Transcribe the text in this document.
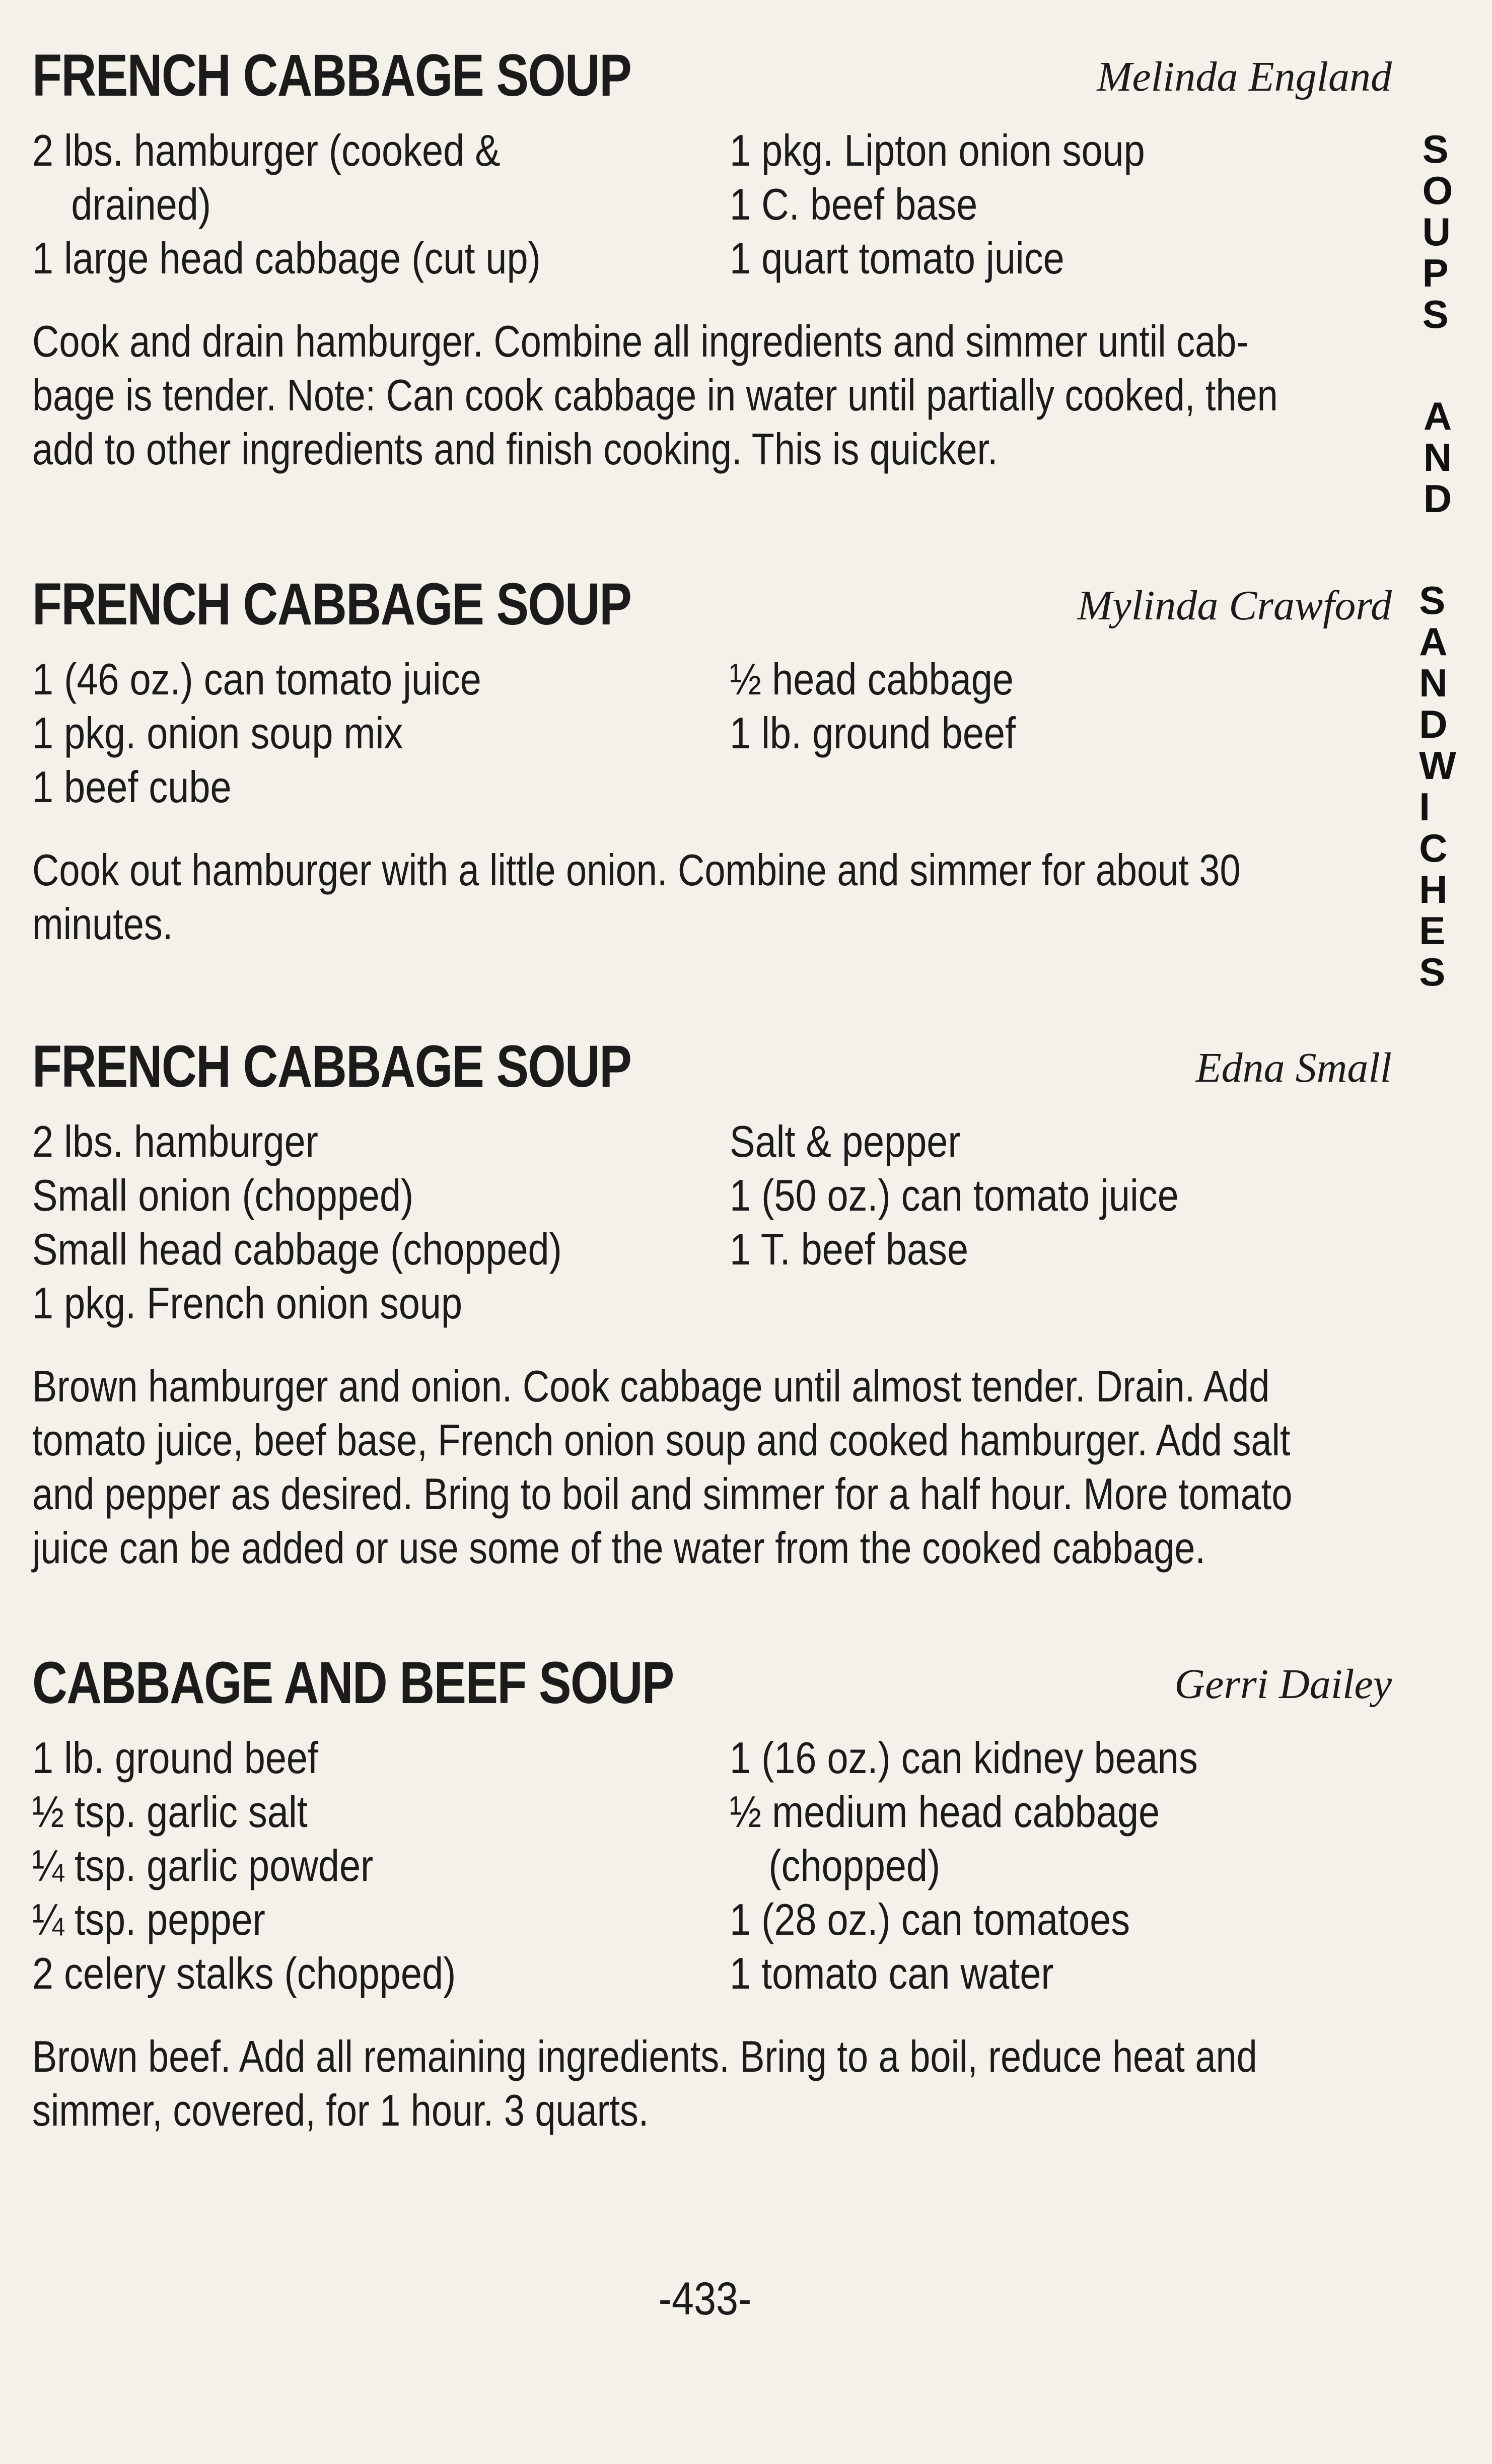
FRENCH CABBAGE SOUP	Melinda England
2 lbs. hamburger (cooked &
drained)
1 large head cabbage (cut up)
1 pkg. Lipton onion soup
1 C. beef base
1 quart tomato juice
Cook and drain hamburger. Combine all ingredients and simmer until cab-
bage is tender. Note: Can cook cabbage in water until partially cooked, then
add to other ingredients and finish cooking. This is quicker.
FRENCH CABBAGE SOUP	Mylinda Crawford
1 (46 oz.) can tomato juice
1 pkg. onion soup mix
1 beef cube
½ head cabbage
1 lb. ground beef
Cook out hamburger with a little onion. Combine and simmer for about 30
minutes.
FRENCH CABBAGE SOUP	Edna Small
2 lbs. hamburger
Small onion (chopped)
Small head cabbage (chopped)
1 pkg. French onion soup
Salt & pepper
1 (50 oz.) can tomato juice
1 T. beef base
Brown hamburger and onion. Cook cabbage until almost tender. Drain. Add
tomato juice, beef base, French onion soup and cooked hamburger. Add salt
and pepper as desired. Bring to boil and simmer for a half hour. More tomato
juice can be added or use some of the water from the cooked cabbage.
CABBAGE AND BEEF SOUP	Gerri Dailey
1 lb. ground beef
½ tsp. garlic salt
¼ tsp. garlic powder
¼ tsp. pepper
2 celery stalks (chopped)
1 (16 oz.) can kidney beans
½ medium head cabbage
(chopped)
1 (28 oz.) can tomatoes
1 tomato can water
Brown beef. Add all remaining ingredients. Bring to a boil, reduce heat and
simmer, covered, for 1 hour. 3 quarts.
S
O
U
P
S
A
N
D
S
A
N
D
W
I
C
H
E
S
-433-
